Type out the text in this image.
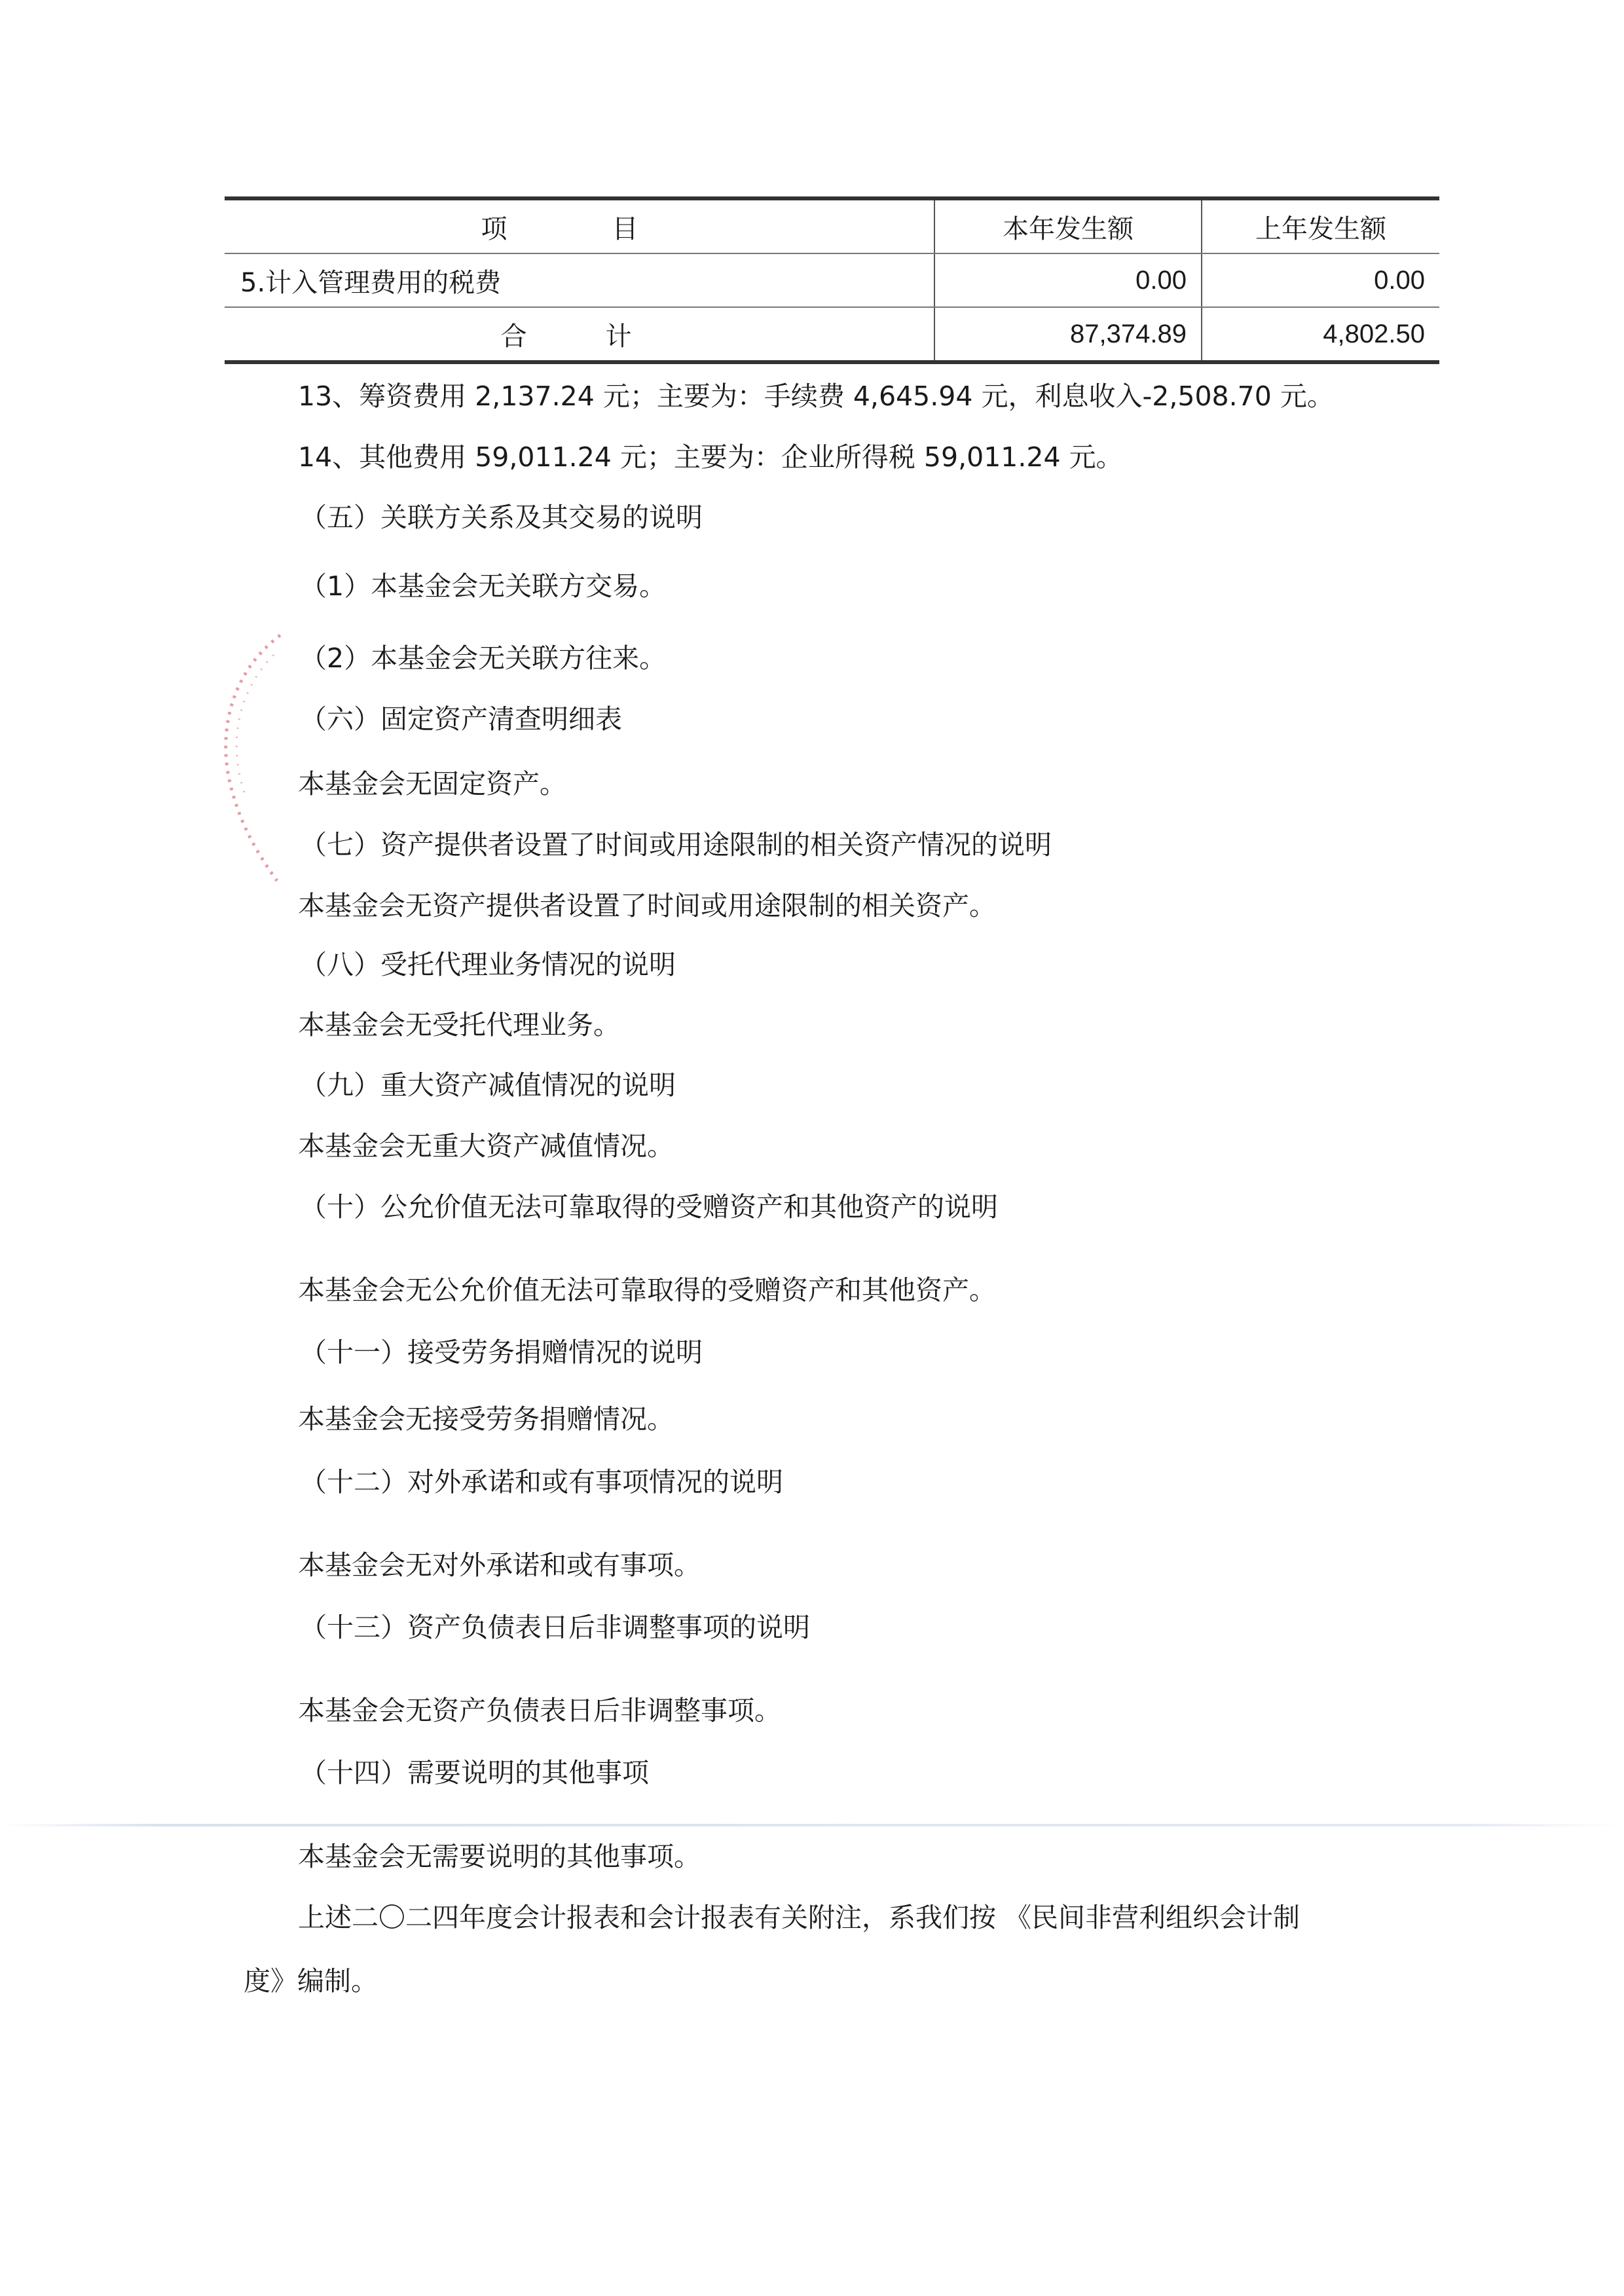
项　目	本年发生额	上年发生额
5.计入管理费用的税费	0.00	0.00
合　计	87,374.89	4,802.50
13、筹资费用 2,137.24 元；主要为：手续费 4,645.94 元，利息收入-2,508.70 元。
14、其他费用 59,011.24 元；主要为：企业所得税 59,011.24 元。
（五）关联方关系及其交易的说明
（1）本基金会无关联方交易。
（2）本基金会无关联方往来。
（六）固定资产清查明细表
本基金会无固定资产。
（七）资产提供者设置了时间或用途限制的相关资产情况的说明
本基金会无资产提供者设置了时间或用途限制的相关资产。
（八）受托代理业务情况的说明
本基金会无受托代理业务。
（九）重大资产减值情况的说明
本基金会无重大资产减值情况。
（十）公允价值无法可靠取得的受赠资产和其他资产的说明
本基金会无公允价值无法可靠取得的受赠资产和其他资产。
（十一）接受劳务捐赠情况的说明
本基金会无接受劳务捐赠情况。
（十二）对外承诺和或有事项情况的说明
本基金会无对外承诺和或有事项。
（十三）资产负债表日后非调整事项的说明
本基金会无资产负债表日后非调整事项。
（十四）需要说明的其他事项
本基金会无需要说明的其他事项。
上述二〇二四年度会计报表和会计报表有关附注，系我们按 《民间非营利组织会计制
度》编制。
